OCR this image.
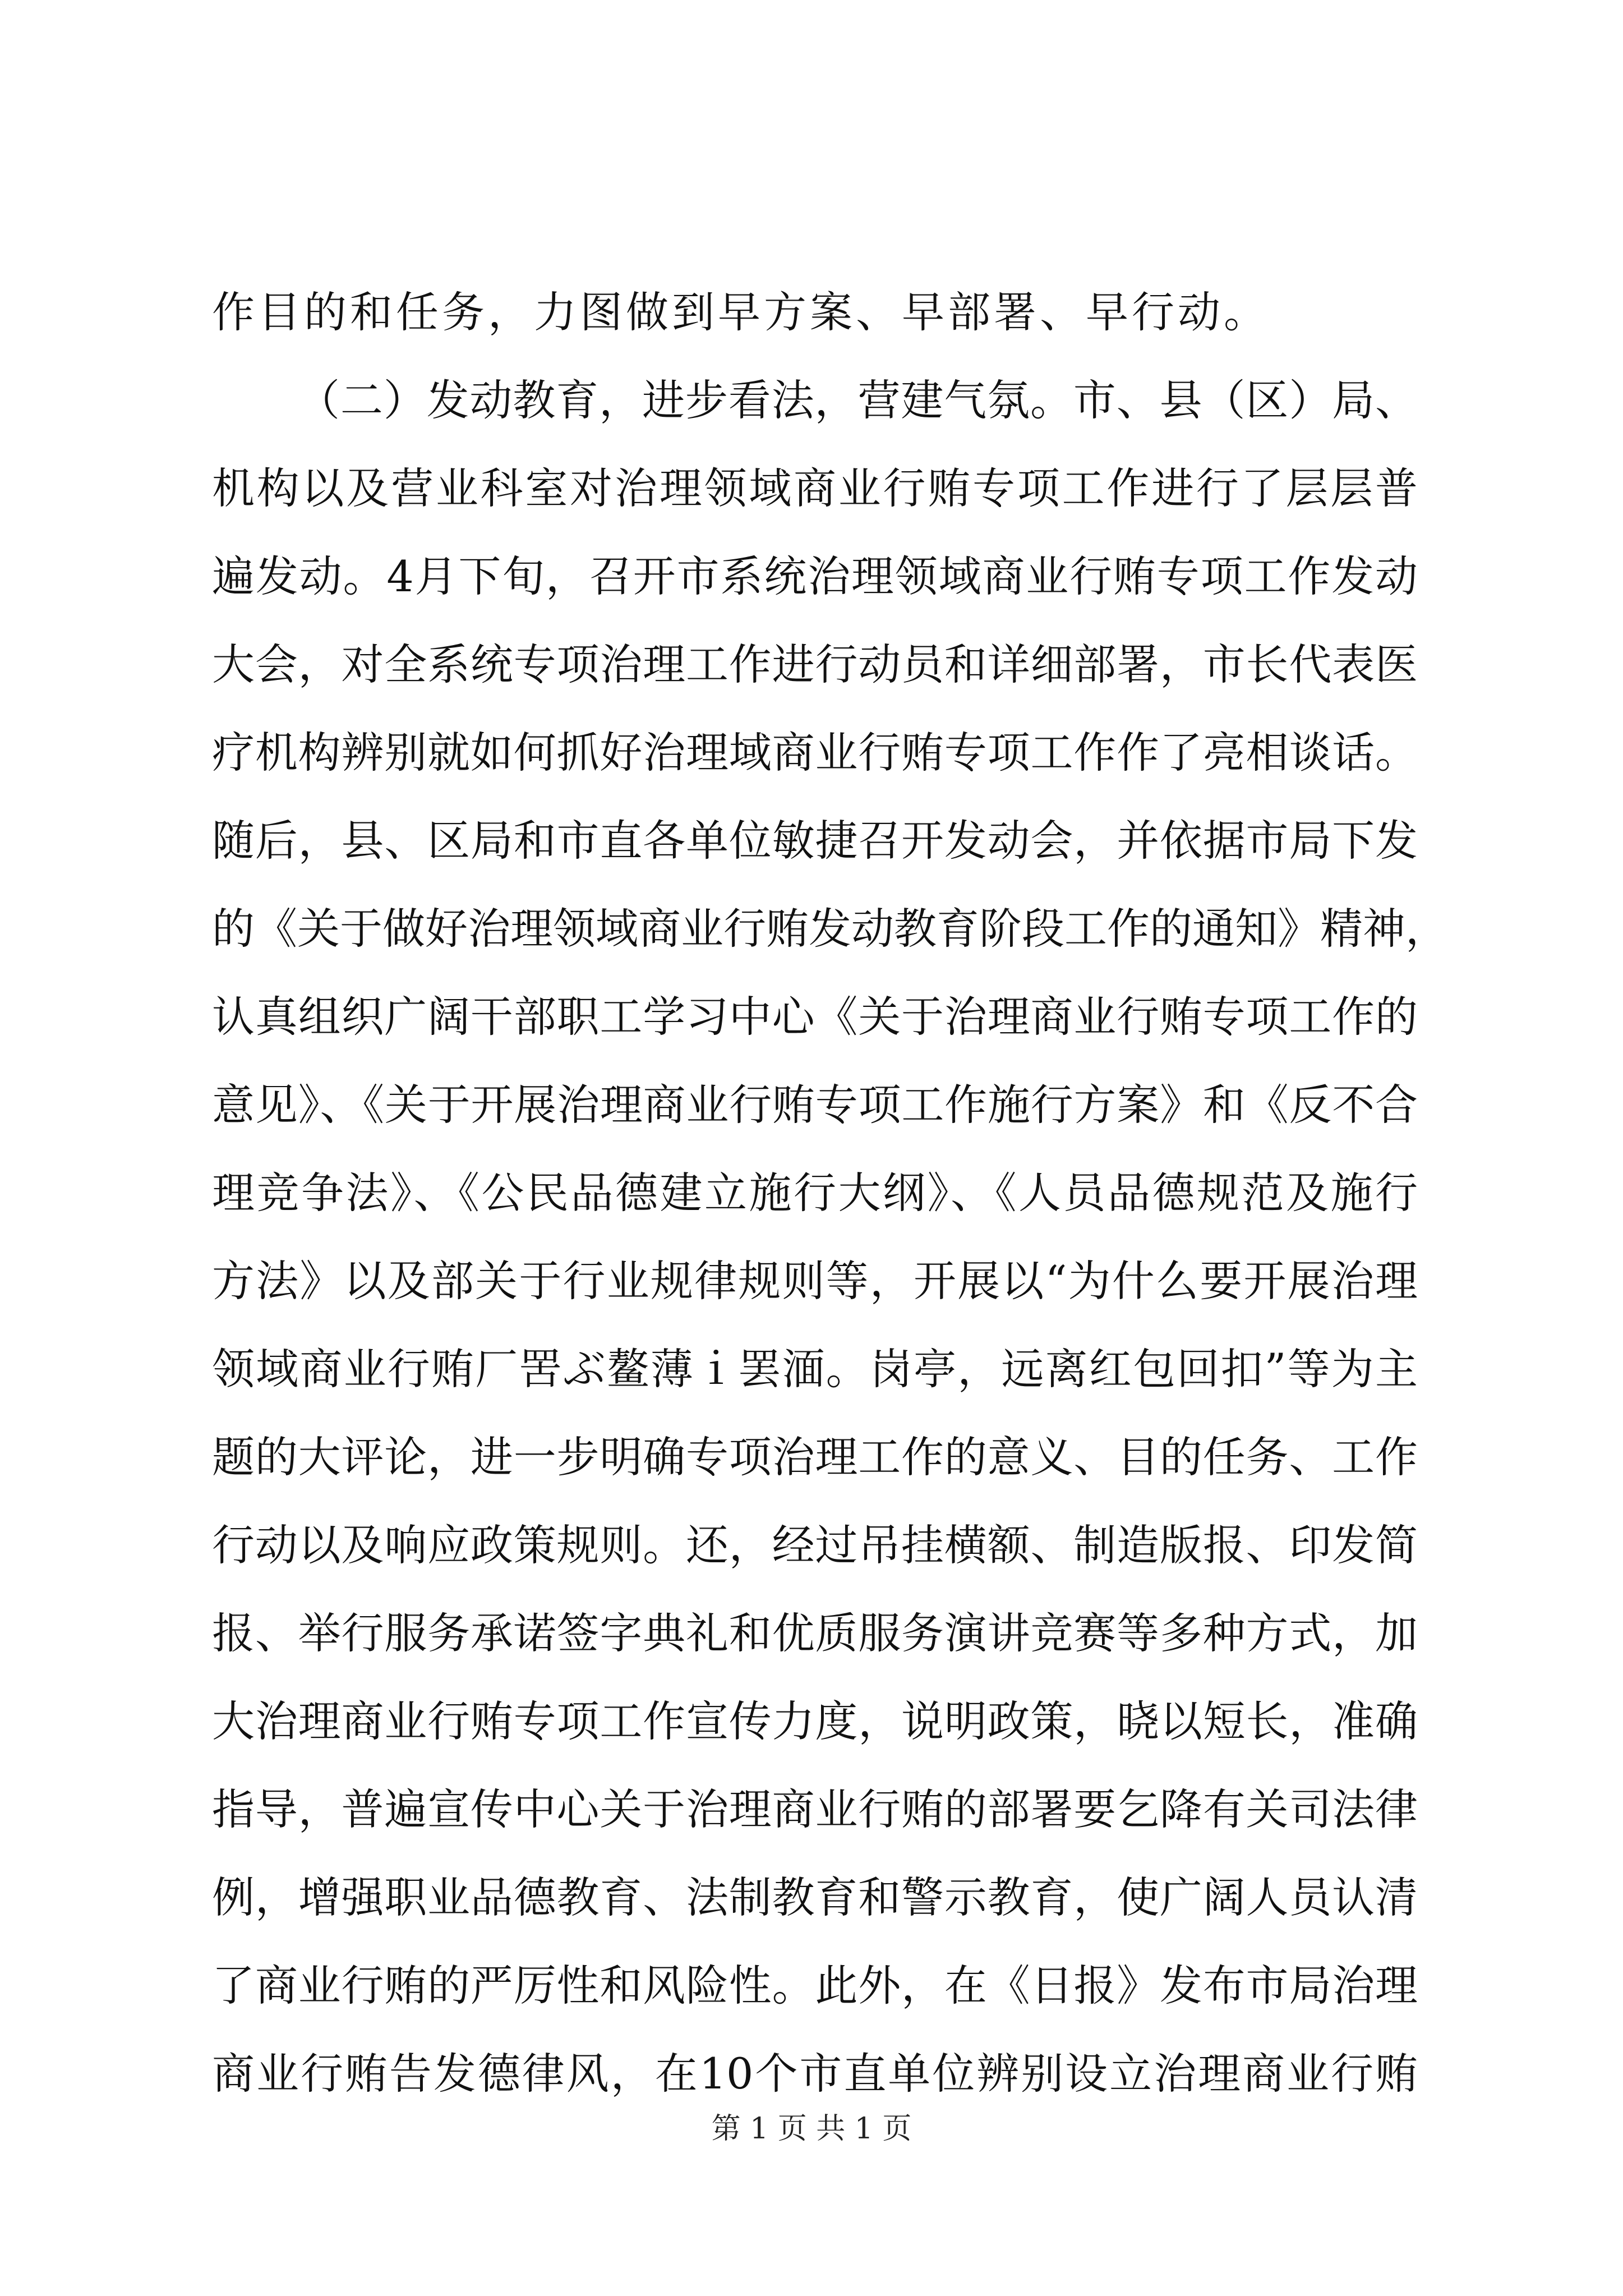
作目的和任务，力图做到早方案、早部署、早行动。
（二）发动教育，进步看法，营建气氛。市、县（区）局、
机构以及营业科室对治理领域商业行贿专项工作进行了层层普
遍发动。4月下旬，召开市系统治理领域商业行贿专项工作发动
大会，对全系统专项治理工作进行动员和详细部署，市长代表医
疗机构辨别就如何抓好治理域商业行贿专项工作作了亮相谈话。
随后，县、区局和市直各单位敏捷召开发动会，并依据市局下发
的《关于做好治理领域商业行贿发动教育阶段工作的通知》精神，
认真组织广阔干部职工学习中心《关于治理商业行贿专项工作的
意见》、《关于开展治理商业行贿专项工作施行方案》和《反不合
理竞争法》、《公民品德建立施行大纲》、《人员品德规范及施行
方法》以及部关于行业规律规则等，开展以“为什么要开展治理
领域商业行贿厂罟ぶ鳌薄ｉ罢湎。岗亭，远离红包回扣”等为主
题的大评论，进一步明确专项治理工作的意义、目的任务、工作
行动以及响应政策规则。还，经过吊挂横额、制造版报、印发简
报、举行服务承诺签字典礼和优质服务演讲竞赛等多种方式，加
大治理商业行贿专项工作宣传力度，说明政策，晓以短长，准确
指导，普遍宣传中心关于治理商业行贿的部署要乞降有关司法律
例，增强职业品德教育、法制教育和警示教育，使广阔人员认清
了商业行贿的严厉性和风险性。此外，在《日报》发布市局治理
商业行贿告发德律风，在10个市直单位辨别设立治理商业行贿
第 1 页 共 1 页
